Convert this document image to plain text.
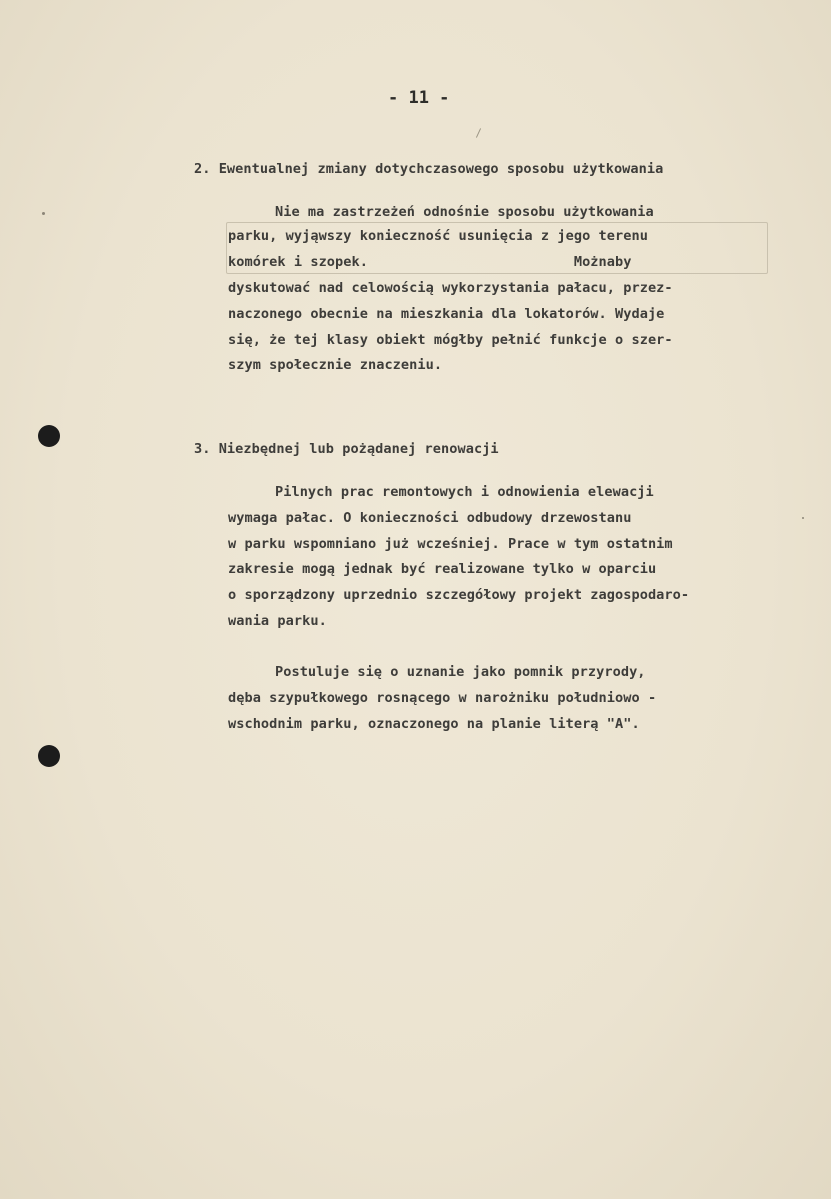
- 11 -

2. Ewentualnej zmiany dotychczasowego sposobu użytkowania

Nie ma zastrzeżeń odnośnie sposobu użytkowania

parku, wyjąwszy konieczność usunięcia z jego terenu

komórek i szopek.                         Możnaby

dyskutować nad celowością wykorzystania pałacu, przez-

naczonego obecnie na mieszkania dla lokatorów. Wydaje

się, że tej klasy obiekt mógłby pełnić funkcje o szer-

szym społecznie znaczeniu.

3. Niezbędnej lub pożądanej renowacji

Pilnych prac remontowych i odnowienia elewacji

wymaga pałac. O konieczności odbudowy drzewostanu

w parku wspomniano już wcześniej. Prace w tym ostatnim

zakresie mogą jednak być realizowane tylko w oparciu

o sporządzony uprzednio szczegółowy projekt zagospodaro-

wania parku.

Postuluje się o uznanie jako pomnik przyrody,

dęba szypułkowego rosnącego w narożniku południowo -

wschodnim parku, oznaczonego na planie literą "A".
